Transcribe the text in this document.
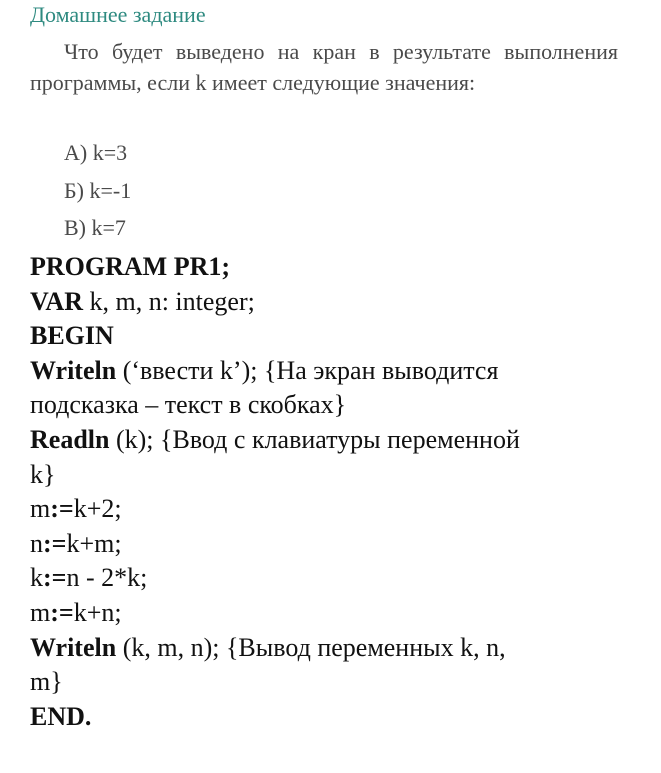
Домашнее задание

Что будет выведено на кран в результате выполнения программы, если k имеет следующие значения:

А) k=3
Б) k=-1
В) k=7

PROGRAM PR1;

VAR k, m, n: integer;

BEGIN

Writeln (‘ввести k’); {На экран выводится

подсказка – текст в скобках}

Readln (k); {Ввод с клавиатуры переменной

k}

m:=k+2;

n:=k+m;

k:=n - 2*k;

m:=k+n;

Writeln (k, m, n); {Вывод переменных k, n,

m}

END.
